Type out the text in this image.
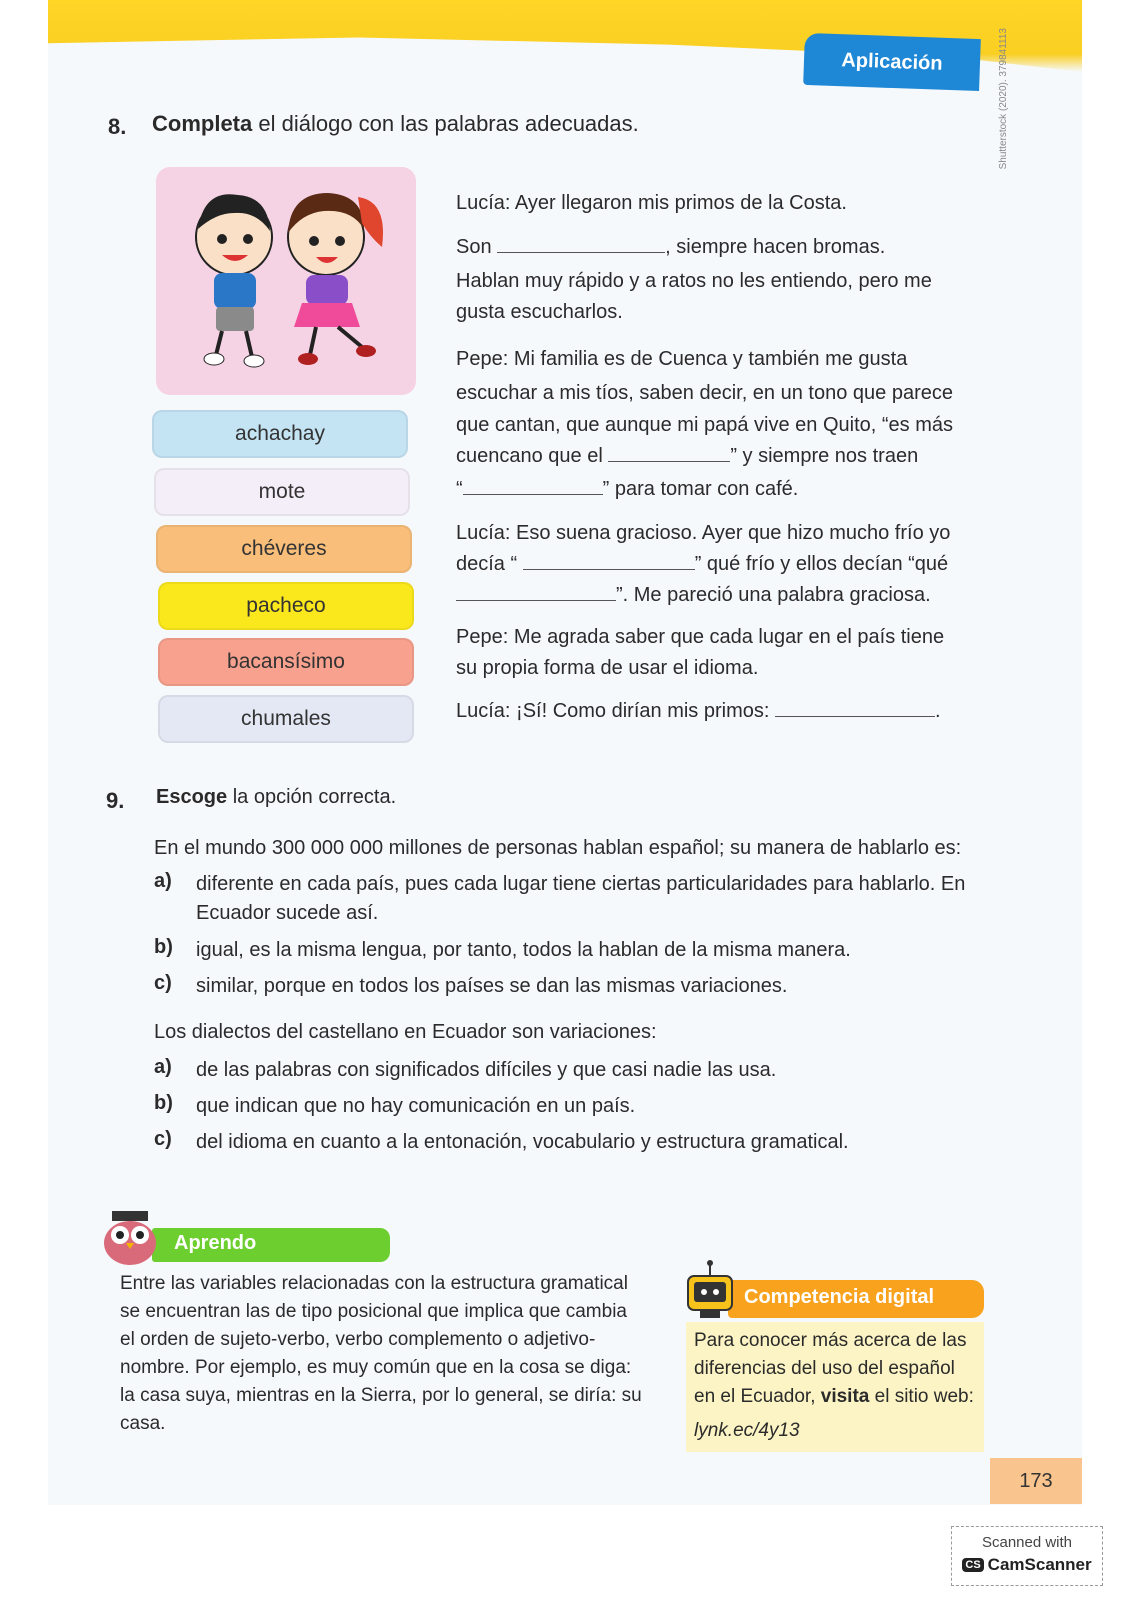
Aplicación
8. Completa el diálogo con las palabras adecuadas.
achachay
mote
chéveres
pacheco
bacansísimo
chumales
Lucía: Ayer llegaron mis primos de la Costa.
Son	, siempre hacen bromas.
Hablan muy rápido y a ratos no les entiendo, pero me
gusta escucharlos.
Pepe: Mi familia es de Cuenca y también me gusta
escuchar a mis tíos, saben decir, en un tono que parece
que cantan, que aunque mi papá vive en Quito, “es más
cuencano que el	” y siempre nos traen
“	” para tomar con café.
Lucía: Eso suena gracioso. Ayer que hizo mucho frío yo
decía “	” qué frío y ellos decían “qué
”. Me pareció una palabra graciosa.
Pepe: Me agrada saber que cada lugar en el país tiene
su propia forma de usar el idioma.
Lucía: ¡Sí! Como dirían mis primos:	.
Shutterstock (2020). 379841113
9. Escoge la opción correcta.
En el mundo 300 000 000 millones de personas hablan español; su manera de hablarlo es:
a) diferente en cada país, pues cada lugar tiene ciertas particularidades para hablarlo. En
Ecuador sucede así.
b) igual, es la misma lengua, por tanto, todos la hablan de la misma manera.
c) similar, porque en todos los países se dan las mismas variaciones.
Los dialectos del castellano en Ecuador son variaciones:
a) de las palabras con significados difíciles y que casi nadie las usa.
b) que indican que no hay comunicación en un país.
c) del idioma en cuanto a la entonación, vocabulario y estructura gramatical.
Aprendo
Entre las variables relacionadas con la estructura gramatical
se encuentran las de tipo posicional que implica que cambia
el orden de sujeto-verbo, verbo complemento o adjetivo-
nombre. Por ejemplo, es muy común que en la cosa se diga:
la casa suya, mientras en la Sierra, por lo general, se diría: su
casa.
Competencia digital
Para conocer más acerca de las
diferencias del uso del español
en el Ecuador, visita el sitio web:
lynk.ec/4y13
173
Scanned with
CS CamScanner
